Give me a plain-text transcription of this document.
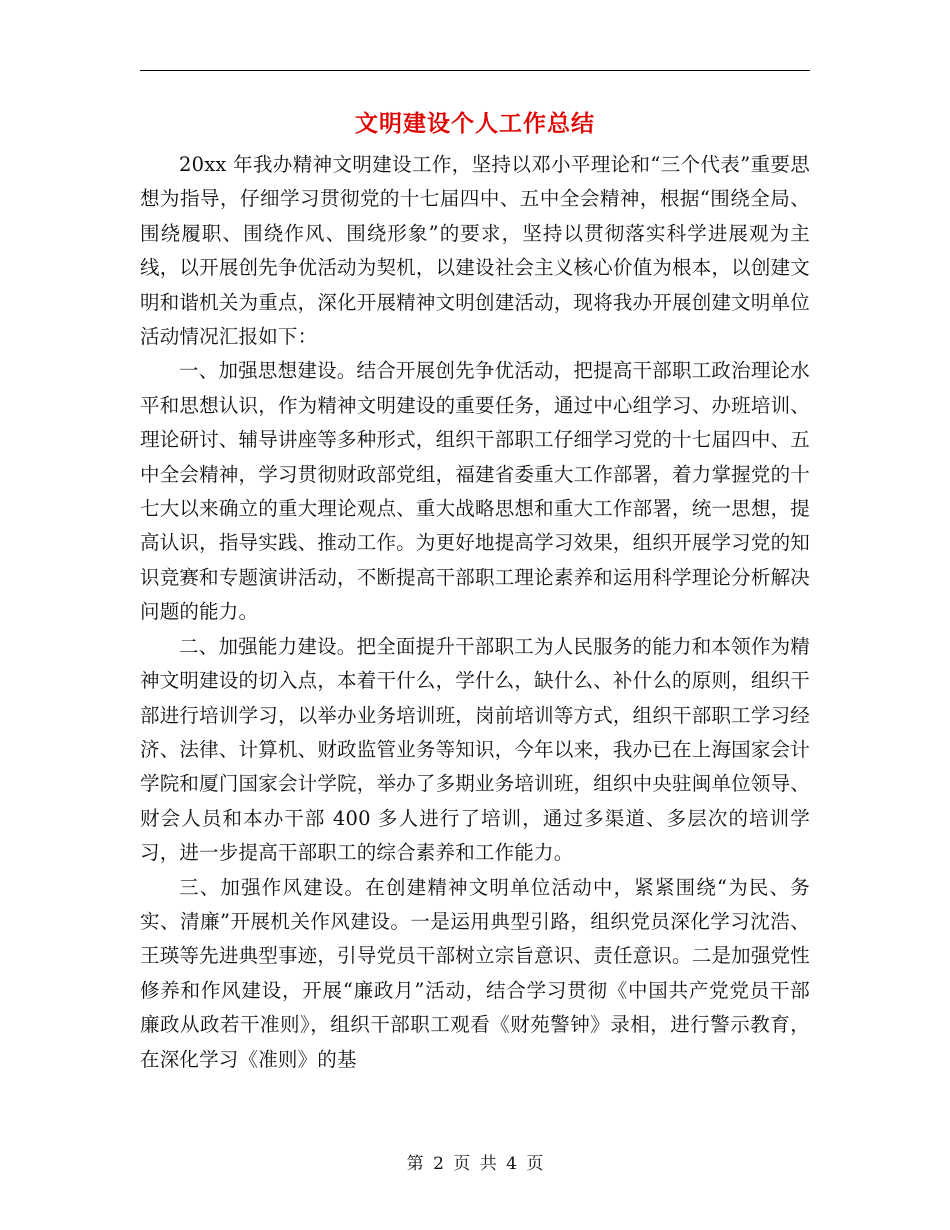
文明建设个人工作总结

20xx 年我办精神文明建设工作，坚持以邓小平理论和“三个代表”重要思想为指导，仔细学习贯彻党的十七届四中、五中全会精神，根据“围绕全局、围绕履职、围绕作风、围绕形象”的要求，坚持以贯彻落实科学进展观为主线，以开展创先争优活动为契机，以建设社会主义核心价值为根本，以创建文明和谐机关为重点，深化开展精神文明创建活动，现将我办开展创建文明单位活动情况汇报如下：

一、加强思想建设。结合开展创先争优活动，把提高干部职工政治理论水平和思想认识，作为精神文明建设的重要任务，通过中心组学习、办班培训、理论研讨、辅导讲座等多种形式，组织干部职工仔细学习党的十七届四中、五中全会精神，学习贯彻财政部党组，福建省委重大工作部署，着力掌握党的十七大以来确立的重大理论观点、重大战略思想和重大工作部署，统一思想，提高认识，指导实践、推动工作。为更好地提高学习效果，组织开展学习党的知识竞赛和专题演讲活动，不断提高干部职工理论素养和运用科学理论分析解决问题的能力。

二、加强能力建设。把全面提升干部职工为人民服务的能力和本领作为精神文明建设的切入点，本着干什么，学什么，缺什么、补什么的原则，组织干部进行培训学习，以举办业务培训班，岗前培训等方式，组织干部职工学习经济、法律、计算机、财政监管业务等知识，今年以来，我办已在上海国家会计学院和厦门国家会计学院，举办了多期业务培训班，组织中央驻闽单位领导、财会人员和本办干部 400 多人进行了培训，通过多渠道、多层次的培训学习，进一步提高干部职工的综合素养和工作能力。

三、加强作风建设。在创建精神文明单位活动中，紧紧围绕“为民、务实、清廉”开展机关作风建设。一是运用典型引路，组织党员深化学习沈浩、王瑛等先进典型事迹，引导党员干部树立宗旨意识、责任意识。二是加强党性修养和作风建设，开展“廉政月”活动，结合学习贯彻《中国共产党党员干部廉政从政若干准则》，组织干部职工观看《财苑警钟》录相，进行警示教育，在深化学习《准则》的基

第 2 页 共 4 页
